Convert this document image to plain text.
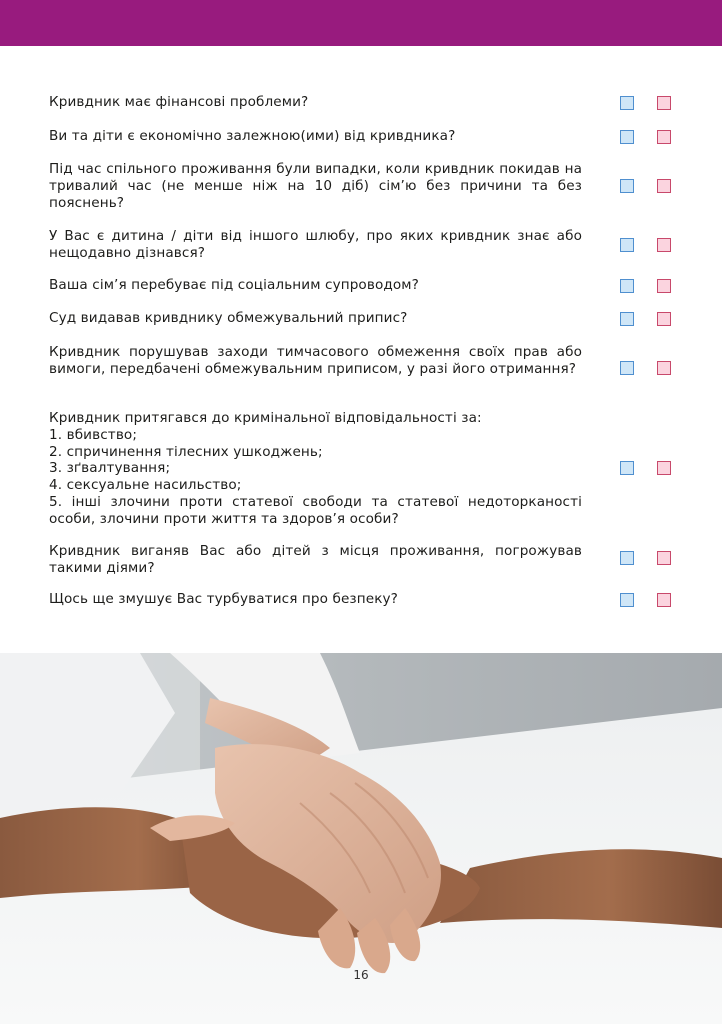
Кривдник має фінансові проблеми?
Ви та діти є економічно залежною(ими) від кривдника?
Під час спільного проживання були випадки, коли кривдник покидав на тривалий час (не менше ніж на 10 діб) сім’ю без причини та без пояснень?
У Вас є дитина / діти від іншого шлюбу, про яких кривдник знає або нещодавно дізнався?
Ваша сім’я перебуває під соціальним супроводом?
Суд видавав кривднику обмежувальний припис?
Кривдник порушував заходи тимчасового обмеження своїх прав або вимоги, передбачені обмежувальним приписом, у разі його отримання?
Кривдник притягався до кримінальної відповідальності за:
1. вбивство;
2. спричинення тілесних ушкоджень;
3. зґвалтування;
4. сексуальне насильство;
5. інші злочини проти статевої свободи та статевої недоторканості особи, злочини проти життя та здоров’я особи?
Кривдник виганяв Вас або дітей з місця проживання, погрожував такими діями?
Щось ще змушує Вас турбуватися про безпеку?
16
